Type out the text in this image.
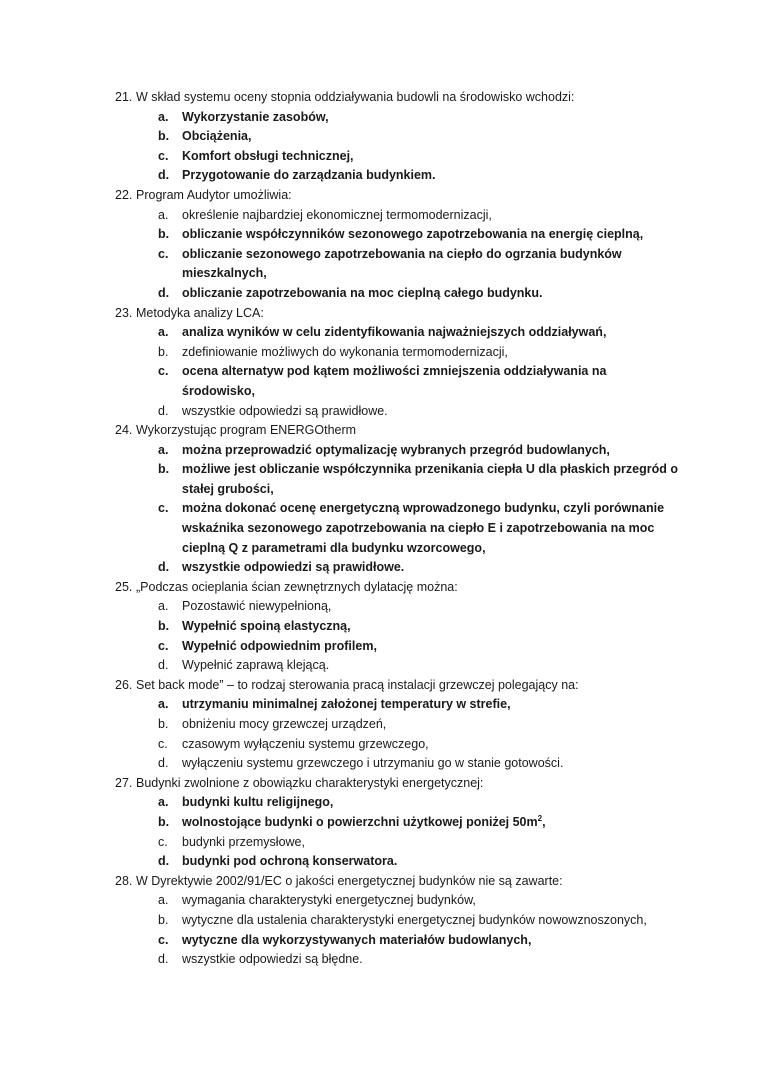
21. W skład systemu oceny stopnia oddziaływania budowli na środowisko wchodzi:
a.	Wykorzystanie zasobów,
b.	Obciążenia,
c.	Komfort obsługi technicznej,
d.	Przygotowanie do zarządzania budynkiem.
22. Program Audytor umożliwia:
a.	określenie najbardziej ekonomicznej termomodernizacji,
b.	obliczanie współczynników sezonowego zapotrzebowania na energię cieplną,
c.	obliczanie sezonowego zapotrzebowania na ciepło do ogrzania budynków mieszkalnych,
d.	obliczanie zapotrzebowania na moc cieplną całego budynku.
23. Metodyka analizy LCA:
a.	analiza wyników w celu zidentyfikowania najważniejszych oddziaływań,
b.	zdefiniowanie możliwych do wykonania termomodernizacji,
c.	ocena alternatyw pod kątem możliwości zmniejszenia oddziaływania na środowisko,
d.	wszystkie odpowiedzi są prawidłowe.
24. Wykorzystując program ENERGOtherm
a.	można przeprowadzić optymalizację wybranych przegród budowlanych,
b.	możliwe jest obliczanie współczynnika przenikania ciepła U dla płaskich przegród o stałej grubości,
c.	można dokonać ocenę energetyczną wprowadzonego budynku, czyli porównanie wskaźnika sezonowego zapotrzebowania na ciepło E i zapotrzebowania na moc cieplną Q z parametrami dla budynku wzorcowego,
d.	wszystkie odpowiedzi są prawidłowe.
25. „Podczas ocieplania ścian zewnętrznych dylatację można:
a.	Pozostawić niewypełnioną,
b.	Wypełnić spoiną elastyczną,
c.	Wypełnić odpowiednim profilem,
d.	Wypełnić zaprawą klejącą.
26. Set back mode” – to rodzaj sterowania pracą instalacji grzewczej polegający na:
a.	utrzymaniu minimalnej założonej temperatury w strefie,
b.	obniżeniu mocy grzewczej urządzeń,
c.	czasowym wyłączeniu systemu grzewczego,
d.	wyłączeniu systemu grzewczego i utrzymaniu go w stanie gotowości.
27. Budynki zwolnione z obowiązku charakterystyki energetycznej:
a.	budynki kultu religijnego,
b.	wolnostojące budynki o powierzchni użytkowej poniżej $50m^2$,
c.	budynki przemysłowe,
d.	budynki pod ochroną konserwatora.
28. W Dyrektywie 2002/91/EC o jakości energetycznej budynków nie są zawarte:
a.	wymagania charakterystyki energetycznej budynków,
b.	wytyczne dla ustalenia charakterystyki energetycznej budynków nowowznoszonych,
c.	wytyczne dla wykorzystywanych materiałów budowlanych,
d.	wszystkie odpowiedzi są błędne.
